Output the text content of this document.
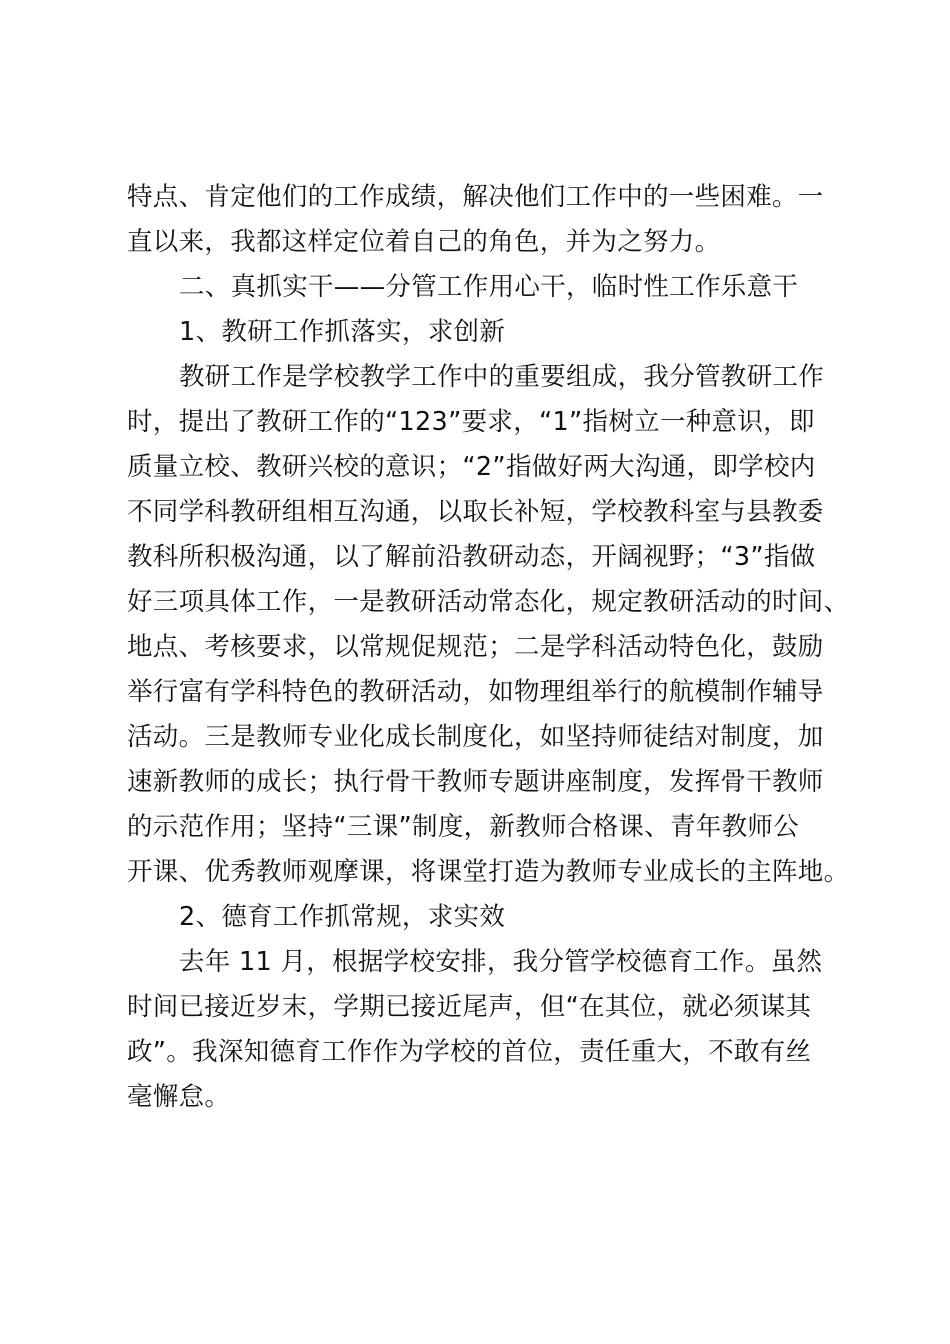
特点、肯定他们的工作成绩，解决他们工作中的一些困难。一
直以来，我都这样定位着自己的角色，并为之努力。
二、真抓实干——分管工作用心干，临时性工作乐意干
1、教研工作抓落实，求创新
教研工作是学校教学工作中的重要组成，我分管教研工作
时，提出了教研工作的“123”要求，“1”指树立一种意识，即
质量立校、教研兴校的意识；“2”指做好两大沟通，即学校内
不同学科教研组相互沟通，以取长补短，学校教科室与县教委
教科所积极沟通，以了解前沿教研动态，开阔视野；“3”指做
好三项具体工作，一是教研活动常态化，规定教研活动的时间、
地点、考核要求，以常规促规范；二是学科活动特色化，鼓励
举行富有学科特色的教研活动，如物理组举行的航模制作辅导
活动。三是教师专业化成长制度化，如坚持师徒结对制度，加
速新教师的成长；执行骨干教师专题讲座制度，发挥骨干教师
的示范作用；坚持“三课”制度，新教师合格课、青年教师公
开课、优秀教师观摩课，将课堂打造为教师专业成长的主阵地。
2、德育工作抓常规，求实效
去年 11 月，根据学校安排，我分管学校德育工作。虽然
时间已接近岁末，学期已接近尾声，但“在其位，就必须谋其
政”。我深知德育工作作为学校的首位，责任重大，不敢有丝
毫懈怠。
